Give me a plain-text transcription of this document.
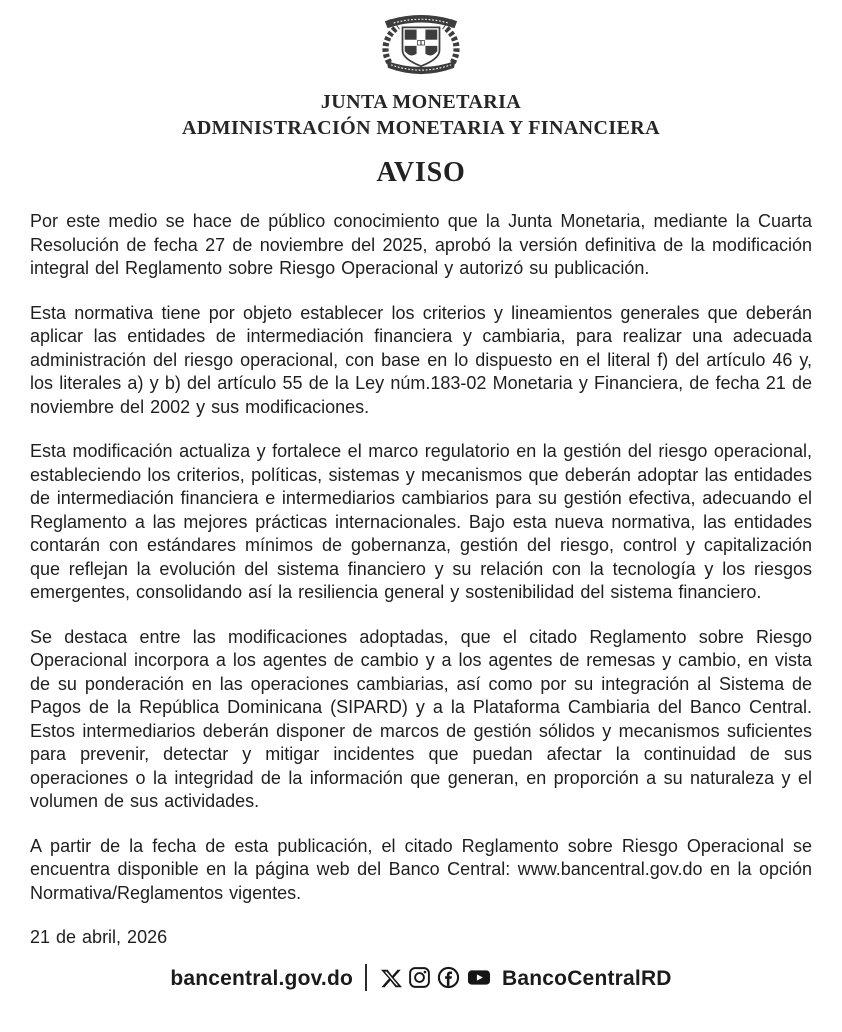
JUNTA MONETARIA
ADMINISTRACIÓN MONETARIA Y FINANCIERA
AVISO

Por este medio se hace de público conocimiento que la Junta Monetaria, mediante la Cuarta Resolución de fecha 27 de noviembre del 2025, aprobó la versión definitiva de la modificación integral del Reglamento sobre Riesgo Operacional y autorizó su publicación.

Esta normativa tiene por objeto establecer los criterios y lineamientos generales que deberán aplicar las entidades de intermediación financiera y cambiaria, para realizar una adecuada administración del riesgo operacional, con base en lo dispuesto en el literal f) del artículo 46 y, los literales a) y b) del artículo 55 de la Ley núm.183-02 Monetaria y Financiera, de fecha 21 de noviembre del 2002 y sus modificaciones.

Esta modificación actualiza y fortalece el marco regulatorio en la gestión del riesgo operacional, estableciendo los criterios, políticas, sistemas y mecanismos que deberán adoptar las entidades de intermediación financiera e intermediarios cambiarios para su gestión efectiva, adecuando el Reglamento a las mejores prácticas internacionales. Bajo esta nueva normativa, las entidades contarán con estándares mínimos de gobernanza, gestión del riesgo, control y capitalización que reflejan la evolución del sistema financiero y su relación con la tecnología y los riesgos emergentes, consolidando así la resiliencia general y sostenibilidad del sistema financiero.

Se destaca entre las modificaciones adoptadas, que el citado Reglamento sobre Riesgo Operacional incorpora a los agentes de cambio y a los agentes de remesas y cambio, en vista de su ponderación en las operaciones cambiarias, así como por su integración al Sistema de Pagos de la República Dominicana (SIPARD) y a la Plataforma Cambiaria del Banco Central. Estos intermediarios deberán disponer de marcos de gestión sólidos y mecanismos suficientes para prevenir, detectar y mitigar incidentes que puedan afectar la continuidad de sus operaciones o la integridad de la información que generan, en proporción a su naturaleza y el volumen de sus actividades.

A partir de la fecha de esta publicación, el citado Reglamento sobre Riesgo Operacional se encuentra disponible en la página web del Banco Central: www.bancentral.gov.do en la opción Normativa/Reglamentos vigentes.

21 de abril, 2026

bancentral.gov.do	BancoCentralRD
